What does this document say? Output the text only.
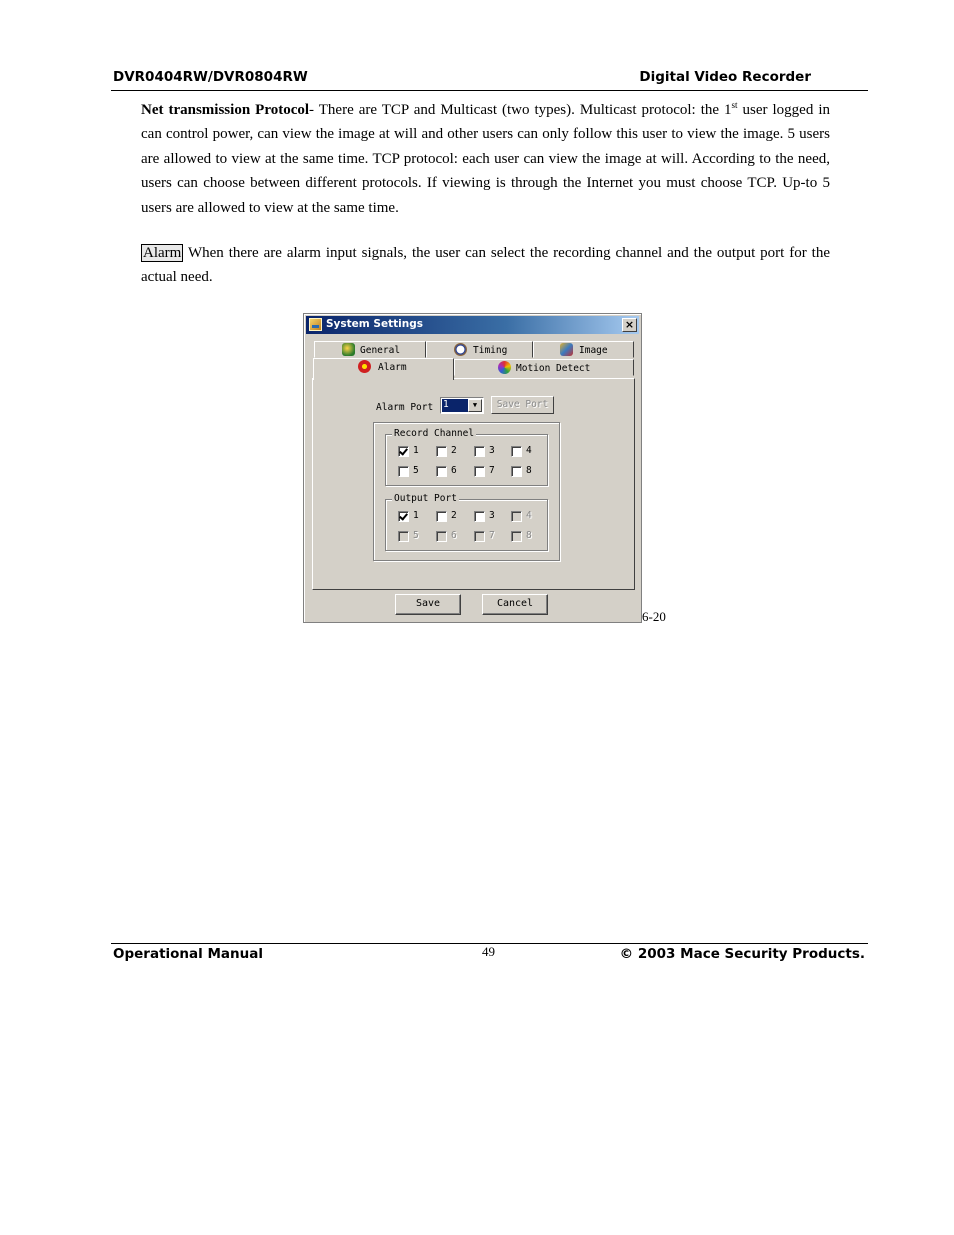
DVR0404RW/DVR0804RW	Digital Video Recorder
Net transmission Protocol- There are TCP and Multicast (two types). Multicast protocol: the 1st user logged in can control power, can view the image at will and other users can only follow this user to view the image. 5 users are allowed to view at the same time. TCP protocol: each user can view the image at will. According to the need, users can choose between different protocols. If viewing is through the Internet you must choose TCP. Up-to 5 users are allowed to view at the same time.
Alarm When there are alarm input signals, the user can select the recording channel and the output port for the actual need.
System Settings	×
General	Timing	Image
Motion Detect
Alarm
Alarm Port 1	▼	Save Port
Record Channel
1	2	3	4
5	6	7	8
Output Port
1	2	3	4
5	6	7	8
Save	Cancel
6-20
Operational Manual	49	© 2003 Mace Security Products.
